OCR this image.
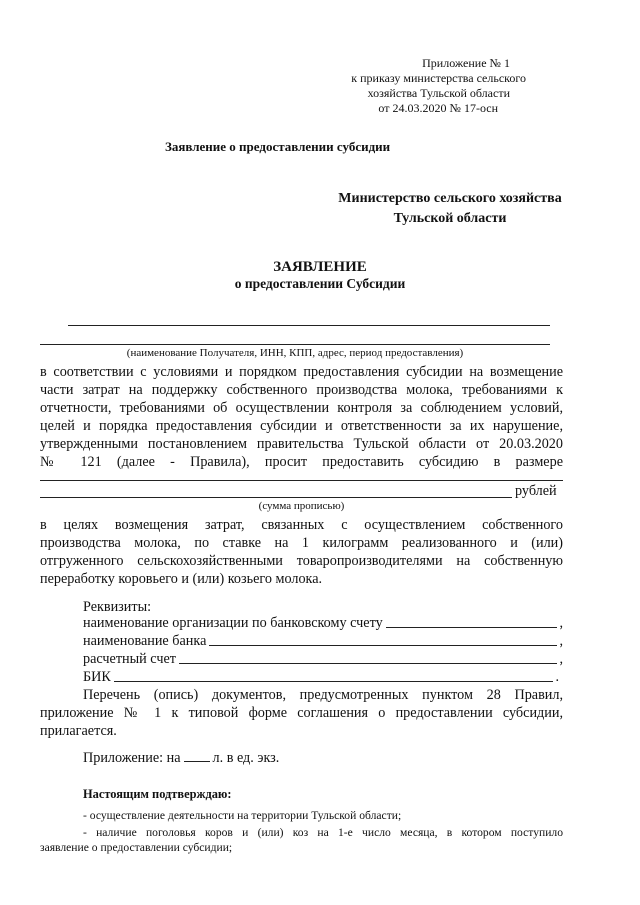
Приложение № 1
к приказу министерства сельского
хозяйства Тульской области
от 24.03.2020 № 17-осн
Заявление о предоставлении субсидии
Министерство сельского хозяйства
Тульской области
ЗАЯВЛЕНИЕ
о предоставлении Субсидии
(наименование Получателя, ИНН, КПП, адрес, период предоставления)
в соответствии с условиями и порядком предоставления субсидии на возмещение
части затрат на поддержку собственного производства молока, требованиями к
отчетности, требованиями об осуществлении контроля за соблюдением условий,
целей и порядка предоставления субсидии и ответственности за их нарушение,
утвержденными постановлением правительства Тульской области от 20.03.2020
№ 121 (далее - Правила), просит предоставить субсидию в размере
рублей
(сумма прописью)
в целях возмещения затрат, связанных с осуществлением собственного
производства молока, по ставке на 1 килограмм реализованного и (или)
отгруженного сельскохозяйственными товаропроизводителями на собственную
переработку коровьего и (или) козьего молока.
Реквизиты:
наименование организации по банковскому счету	,
наименование банка	,
расчетный счет	,
БИК	.
Перечень (опись) документов, предусмотренных пунктом 28 Правил,
приложение № 1 к типовой форме соглашения о предоставлении субсидии,
прилагается.
Приложение: на л. в ед. экз.
Настоящим подтверждаю:
- осуществление деятельности на территории Тульской области;
- наличие поголовья коров и (или) коз на 1-е число месяца, в котором поступило
заявление о предоставлении субсидии;
